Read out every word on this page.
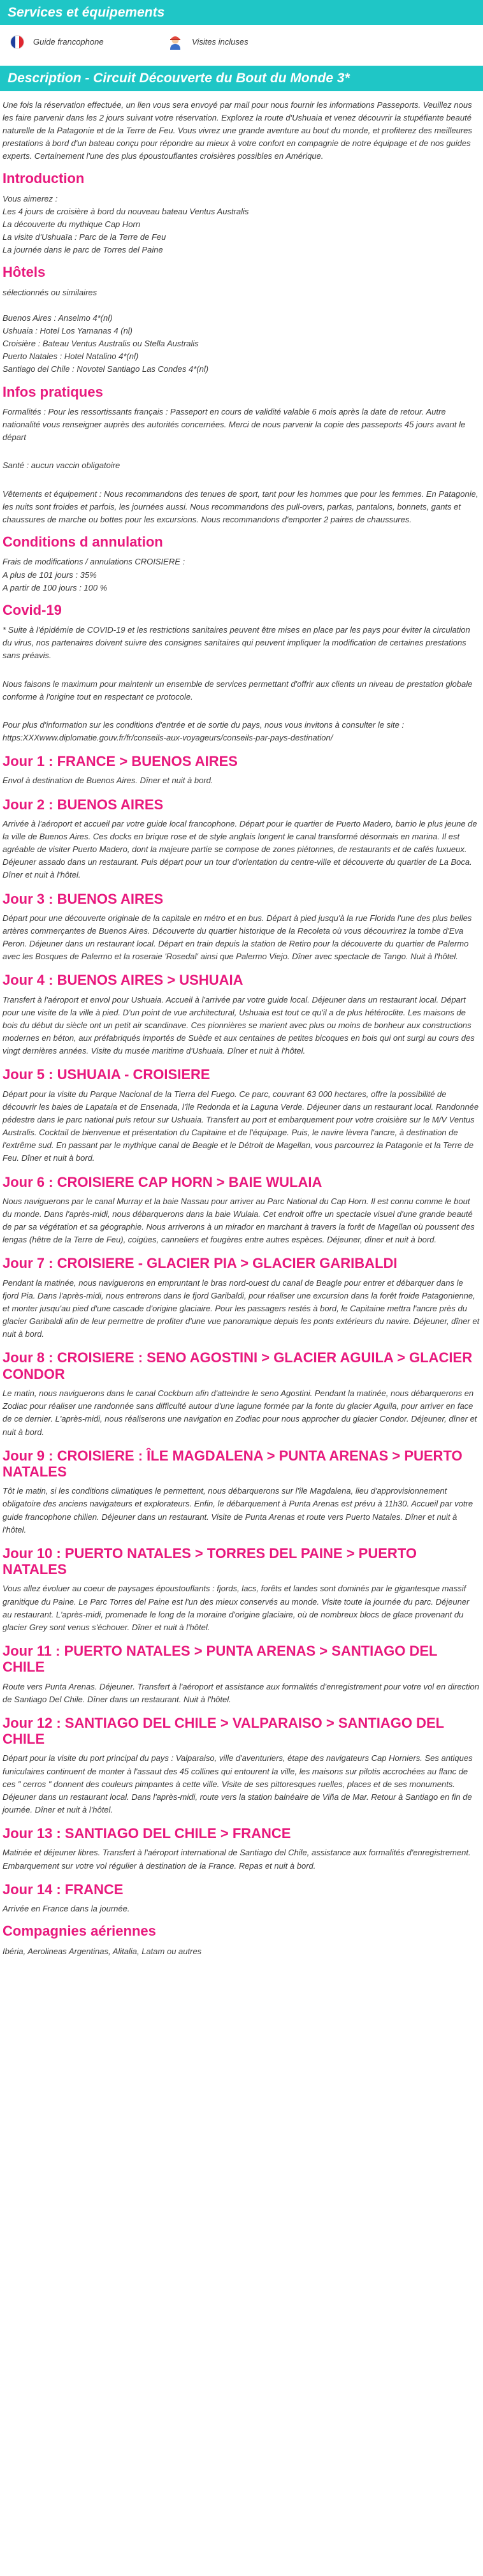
Services et équipements
Guide francophone	Visites incluses
Description - Circuit Découverte du Bout du Monde 3*

Une fois la réservation effectuée, un lien vous sera envoyé par mail pour nous fournir les informations Passeports. Veuillez nous les faire parvenir dans les 2 jours suivant votre réservation. Explorez la route d'Ushuaia et venez découvrir la stupéfiante beauté naturelle de la Patagonie et de la Terre de Feu. Vous vivrez une grande aventure au bout du monde, et profiterez des meilleures prestations à bord d'un bateau conçu pour répondre au mieux à votre confort en compagnie de notre équipage et de nos guides experts. Certainement l'une des plus époustouflantes croisières possibles en Amérique.

Introduction
Vous aimerez :
Les 4 jours de croisière à bord du nouveau bateau Ventus Australis
La découverte du mythique Cap Horn
La visite d'Ushuaïa : Parc de la Terre de Feu
La journée dans le parc de Torres del Paine
Hôtels
sélectionnés ou similaires
Buenos Aires : Anselmo 4*(nl)
Ushuaia : Hotel Los Yamanas 4 (nl)
Croisière : Bateau Ventus Australis ou Stella Australis
Puerto Natales : Hotel Natalino 4*(nl)
Santiago del Chile : Novotel Santiago Las Condes 4*(nl)
Infos pratiques

Formalités : Pour les ressortissants français : Passeport en cours de validité valable 6 mois après la date de retour. Autre nationalité vous renseigner auprès des autorités concernées. Merci de nous parvenir la copie des passeports 45 jours avant le départ

Santé : aucun vaccin obligatoire

Vêtements et équipement : Nous recommandons des tenues de sport, tant pour les hommes que pour les femmes. En Patagonie, les nuits sont froides et parfois, les journées aussi. Nous recommandons des pull-overs, parkas, pantalons, bonnets, gants et chaussures de marche ou bottes pour les excursions. Nous recommandons d'emporter 2 paires de chaussures.

Conditions d annulation
Frais de modifications / annulations CROISIERE :
A plus de 101 jours : 35%
A partir de 100 jours : 100 %
Covid-19

* Suite à l'épidémie de COVID-19 et les restrictions sanitaires peuvent être mises en place par les pays pour éviter la circulation du virus, nos partenaires doivent suivre des consignes sanitaires qui peuvent impliquer la modification de certaines prestations sans préavis.

Nous faisons le maximum pour maintenir un ensemble de services permettant d'offrir aux clients un niveau de prestation globale conforme à l'origine tout en respectant ce protocole.

Pour plus d'information sur les conditions d'entrée et de sortie du pays, nous vous invitons à consulter le site : https:XXXwww.diplomatie.gouv.fr/fr/conseils-aux-voyageurs/conseils-par-pays-destination/

Jour 1 : FRANCE > BUENOS AIRES

Envol à destination de Buenos Aires. Dîner et nuit à bord.

Jour 2 : BUENOS AIRES

Arrivée à l'aéroport et accueil par votre guide local francophone. Départ pour le quartier de Puerto Madero, barrio le plus jeune de la ville de Buenos Aires. Ces docks en brique rose et de style anglais longent le canal transformé désormais en marina. Il est agréable de visiter Puerto Madero, dont la majeure partie se compose de zones piétonnes, de restaurants et de cafés luxueux. Déjeuner assado dans un restaurant. Puis départ pour un tour d'orientation du centre-ville et découverte du quartier de La Boca. Dîner et nuit à l'hôtel.

Jour 3 : BUENOS AIRES

Départ pour une découverte originale de la capitale en métro et en bus. Départ à pied jusqu'à la rue Florida l'une des plus belles artères commerçantes de Buenos Aires. Découverte du quartier historique de la Recoleta où vous découvrirez la tombe d'Eva Peron. Déjeuner dans un restaurant local. Départ en train depuis la station de Retiro pour la découverte du quartier de Palermo avec les Bosques de Palermo et la roseraie 'Rosedal' ainsi que Palermo Viejo. Dîner avec spectacle de Tango. Nuit à l'hôtel.

Jour 4 : BUENOS AIRES > USHUAIA

Transfert à l'aéroport et envol pour Ushuaia. Accueil à l'arrivée par votre guide local. Déjeuner dans un restaurant local. Départ pour une visite de la ville à pied. D'un point de vue architectural, Ushuaia est tout ce qu'il a de plus hétéroclite. Les maisons de bois du début du siècle ont un petit air scandinave. Ces pionnières se marient avec plus ou moins de bonheur aux constructions modernes en béton, aux préfabriqués importés de Suède et aux centaines de petites bicoques en bois qui ont surgi au cours des vingt dernières années. Visite du musée maritime d'Ushuaia. Dîner et nuit à l'hôtel.

Jour 5 : USHUAIA - CROISIERE

Départ pour la visite du Parque Nacional de la Tierra del Fuego. Ce parc, couvrant 63 000 hectares, offre la possibilité de découvrir les baies de Lapataia et de Ensenada, l'île Redonda et la Laguna Verde. Déjeuner dans un restaurant local. Randonnée pédestre dans le parc national puis retour sur Ushuaia. Transfert au port et embarquement pour votre croisière sur le M/V Ventus Australis. Cocktail de bienvenue et présentation du Capitaine et de l'équipage. Puis, le navire lèvera l'ancre, à destination de l'extrême sud. En passant par le mythique canal de Beagle et le Détroit de Magellan, vous parcourrez la Patagonie et la Terre de Feu. Dîner et nuit à bord.

Jour 6 : CROISIERE CAP HORN > BAIE WULAIA

Nous naviguerons par le canal Murray et la baie Nassau pour arriver au Parc National du Cap Horn. Il est connu comme le bout du monde. Dans l'après-midi, nous débarquerons dans la baie Wulaia. Cet endroit offre un spectacle visuel d'une grande beauté de par sa végétation et sa géographie. Nous arriverons à un mirador en marchant à travers la forêt de Magellan où poussent des lengas (hêtre de la Terre de Feu), coigües, canneliers et fougères entre autres espèces. Déjeuner, dîner et nuit à bord.

Jour 7 : CROISIERE - GLACIER PIA > GLACIER GARIBALDI

Pendant la matinée, nous naviguerons en empruntant le bras nord-ouest du canal de Beagle pour entrer et débarquer dans le fjord Pia. Dans l'après-midi, nous entrerons dans le fjord Garibaldi, pour réaliser une excursion dans la forêt froide Patagonienne, et monter jusqu'au pied d'une cascade d'origine glaciaire. Pour les passagers restés à bord, le Capitaine mettra l'ancre près du glacier Garibaldi afin de leur permettre de profiter d'une vue panoramique depuis les ponts extérieurs du navire. Déjeuner, dîner et nuit à bord.

Jour 8 : CROISIERE : SENO AGOSTINI > GLACIER AGUILA > GLACIER CONDOR

Le matin, nous naviguerons dans le canal Cockburn afin d'atteindre le seno Agostini. Pendant la matinée, nous débarquerons en Zodiac pour réaliser une randonnée sans difficulté autour d'une lagune formée par la fonte du glacier Aguila, pour arriver en face de ce dernier. L'après-midi, nous réaliserons une navigation en Zodiac pour nous approcher du glacier Condor. Déjeuner, dîner et nuit à bord.

Jour 9 : CROISIERE : ÎLE MAGDALENA > PUNTA ARENAS > PUERTO NATALES

Tôt le matin, si les conditions climatiques le permettent, nous débarquerons sur l'île Magdalena, lieu d'approvisionnement obligatoire des anciens navigateurs et explorateurs. Enfin, le débarquement à Punta Arenas est prévu à 11h30. Accueil par votre guide francophone chilien. Déjeuner dans un restaurant. Visite de Punta Arenas et route vers Puerto Natales. Dîner et nuit à l'hôtel.

Jour 10 : PUERTO NATALES > TORRES DEL PAINE > PUERTO NATALES

Vous allez évoluer au coeur de paysages époustouflants : fjords, lacs, forêts et landes sont dominés par le gigantesque massif granitique du Paine. Le Parc Torres del Paine est l'un des mieux conservés au monde. Visite toute la journée du parc. Déjeuner au restaurant. L'après-midi, promenade le long de la moraine d'origine glaciaire, où de nombreux blocs de glace provenant du glacier Grey sont venus s'échouer. Dîner et nuit à l'hôtel.

Jour 11 : PUERTO NATALES > PUNTA ARENAS > SANTIAGO DEL CHILE

Route vers Punta Arenas. Déjeuner. Transfert à l'aéroport et assistance aux formalités d'enregistrement pour votre vol en direction de Santiago Del Chile. Dîner dans un restaurant. Nuit à l'hôtel.

Jour 12 : SANTIAGO DEL CHILE > VALPARAISO > SANTIAGO DEL CHILE

Départ pour la visite du port principal du pays : Valparaiso, ville d'aventuriers, étape des navigateurs Cap Horniers. Ses antiques funiculaires continuent de monter à l'assaut des 45 collines qui entourent la ville, les maisons sur pilotis accrochées au flanc de ces " cerros " donnent des couleurs pimpantes à cette ville. Visite de ses pittoresques ruelles, places et de ses monuments. Déjeuner dans un restaurant local. Dans l'après-midi, route vers la station balnéaire de Viña de Mar. Retour à Santiago en fin de journée. Dîner et nuit à l'hôtel.

Jour 13 : SANTIAGO DEL CHILE > FRANCE

Matinée et déjeuner libres. Transfert à l'aéroport international de Santiago del Chile, assistance aux formalités d'enregistrement. Embarquement sur votre vol régulier à destination de la France. Repas et nuit à bord.

Jour 14 : FRANCE

Arrivée en France dans la journée.

Compagnies aériennes

Ibéria, Aerolineas Argentinas, Alitalia, Latam ou autres
